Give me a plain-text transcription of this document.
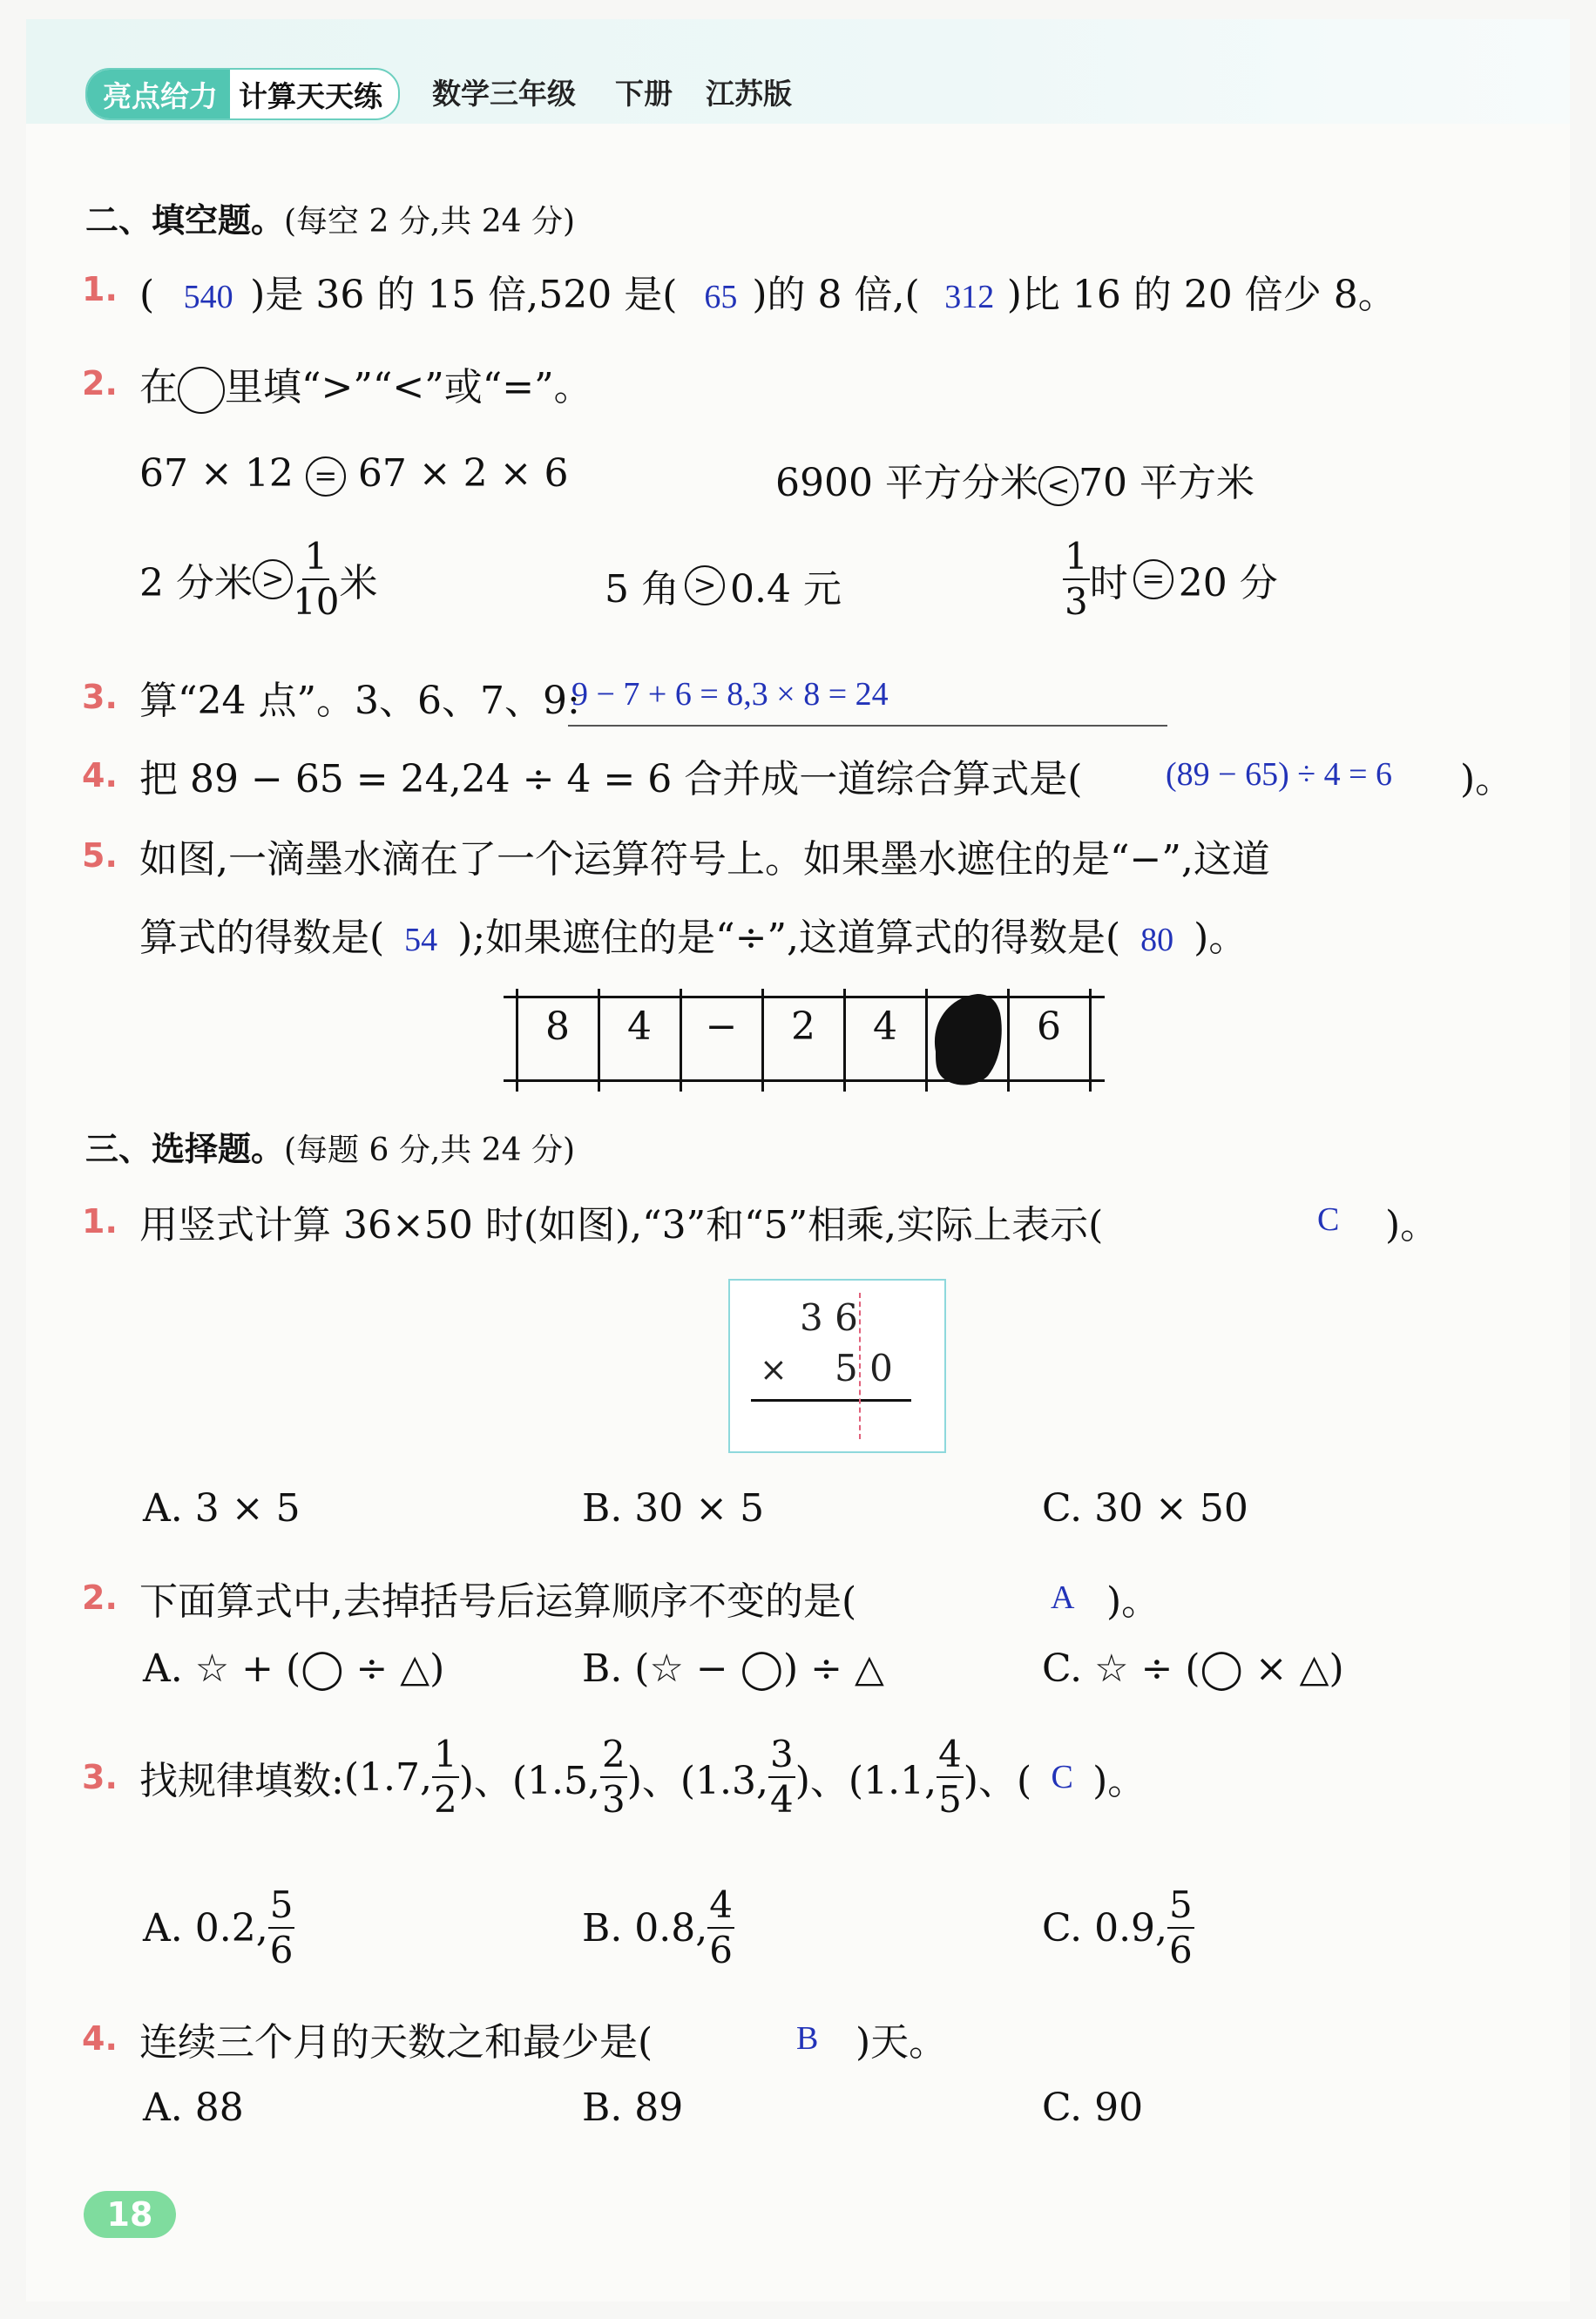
亮点给力 计算天天练	数学三年级 下册 江苏版
二、填空题。(每空 2 分,共 24 分)
1. ( 540 )是 36 的 15 倍,520 是( 65 )的 8 倍,( 312 )比 16 的 20 倍少 8。
2. 在 里填“>”“<”或“=”。
67 × 12 = 67 × 2 × 6	6900 平方分米 < 70 平方米
2 分米 > $\frac{1}{10}$ 米	5 角 > 0.4 元	$\frac{1}{3}$ 时 = 20 分
3. 算“24 点”。3、6、7、9:
9 − 7 + 6 = 8,3 × 8 = 24
4. 把 89 − 65 = 24,24 ÷ 4 = 6 合并成一道综合算式是(	(89 − 65) ÷ 4 = 6 )。
5. 如图,一滴墨水滴在了一个运算符号上。如果墨水遮住的是“−”,这道
算式的得数是( 54 );如果遮住的是“÷”,这道算式的得数是( 80 )。
8	4	−	2	4	6
三、选择题。(每题 6 分,共 24 分)
1. 用竖式计算 36×50 时(如图),“3”和“5”相乘,实际上表示(	C )。
3 6
× 5 0
A. 3 × 5	B. 30 × 5	C. 30 × 50
2. 下面算式中,去掉括号后运算顺序不变的是(	A )。
A. ☆ + (◯ ÷ △)	B. (☆ − ◯) ÷ △	C. ☆ ÷ (◯ × △)
3. 找规律填数: (1.7, $\frac{1}{2}$ )、(1.5, $\frac{2}{3}$ )、(1.3, $\frac{3}{4}$ )、(1.1, $\frac{4}{5}$ )、( C )。
A. 0.2, $\frac{5}{6}$	B. 0.8, $\frac{4}{6}$	C. 0.9, $\frac{5}{6}$
4. 连续三个月的天数之和最少是(	B )天。
A. 88	B. 89	C. 90
18
